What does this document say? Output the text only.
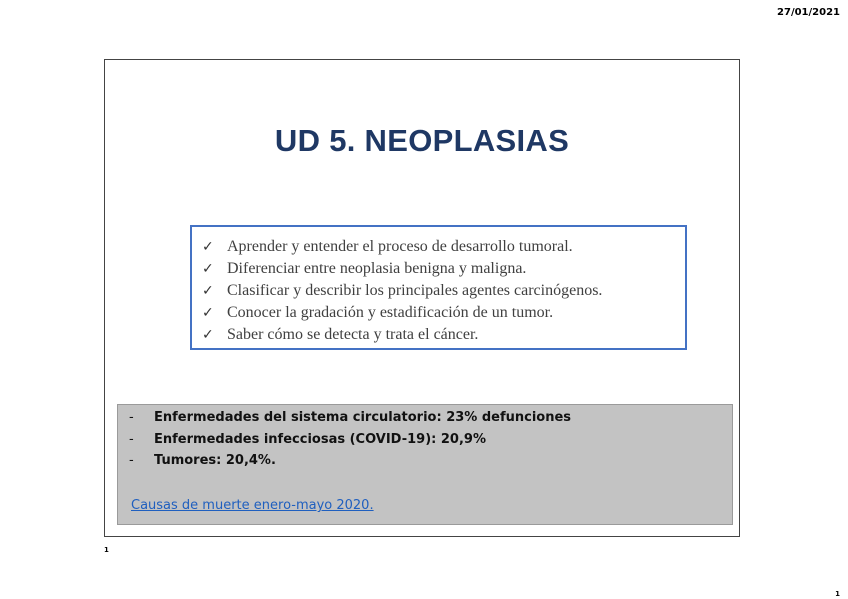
27/01/2021
UD 5. NEOPLASIAS
✓ Aprender y entender el proceso de desarrollo tumoral.
✓ Diferenciar entre neoplasia benigna y maligna.
✓ Clasificar y describir los principales agentes carcinógenos.
✓ Conocer la gradación y estadificación de un tumor.
✓ Saber cómo se detecta y trata el cáncer.
-	Enfermedades del sistema circulatorio: 23% defunciones
-	Enfermedades infecciosas (COVID-19): 20,9%
-	Tumores: 20,4%.
Causas de muerte enero-mayo 2020.
1
1
